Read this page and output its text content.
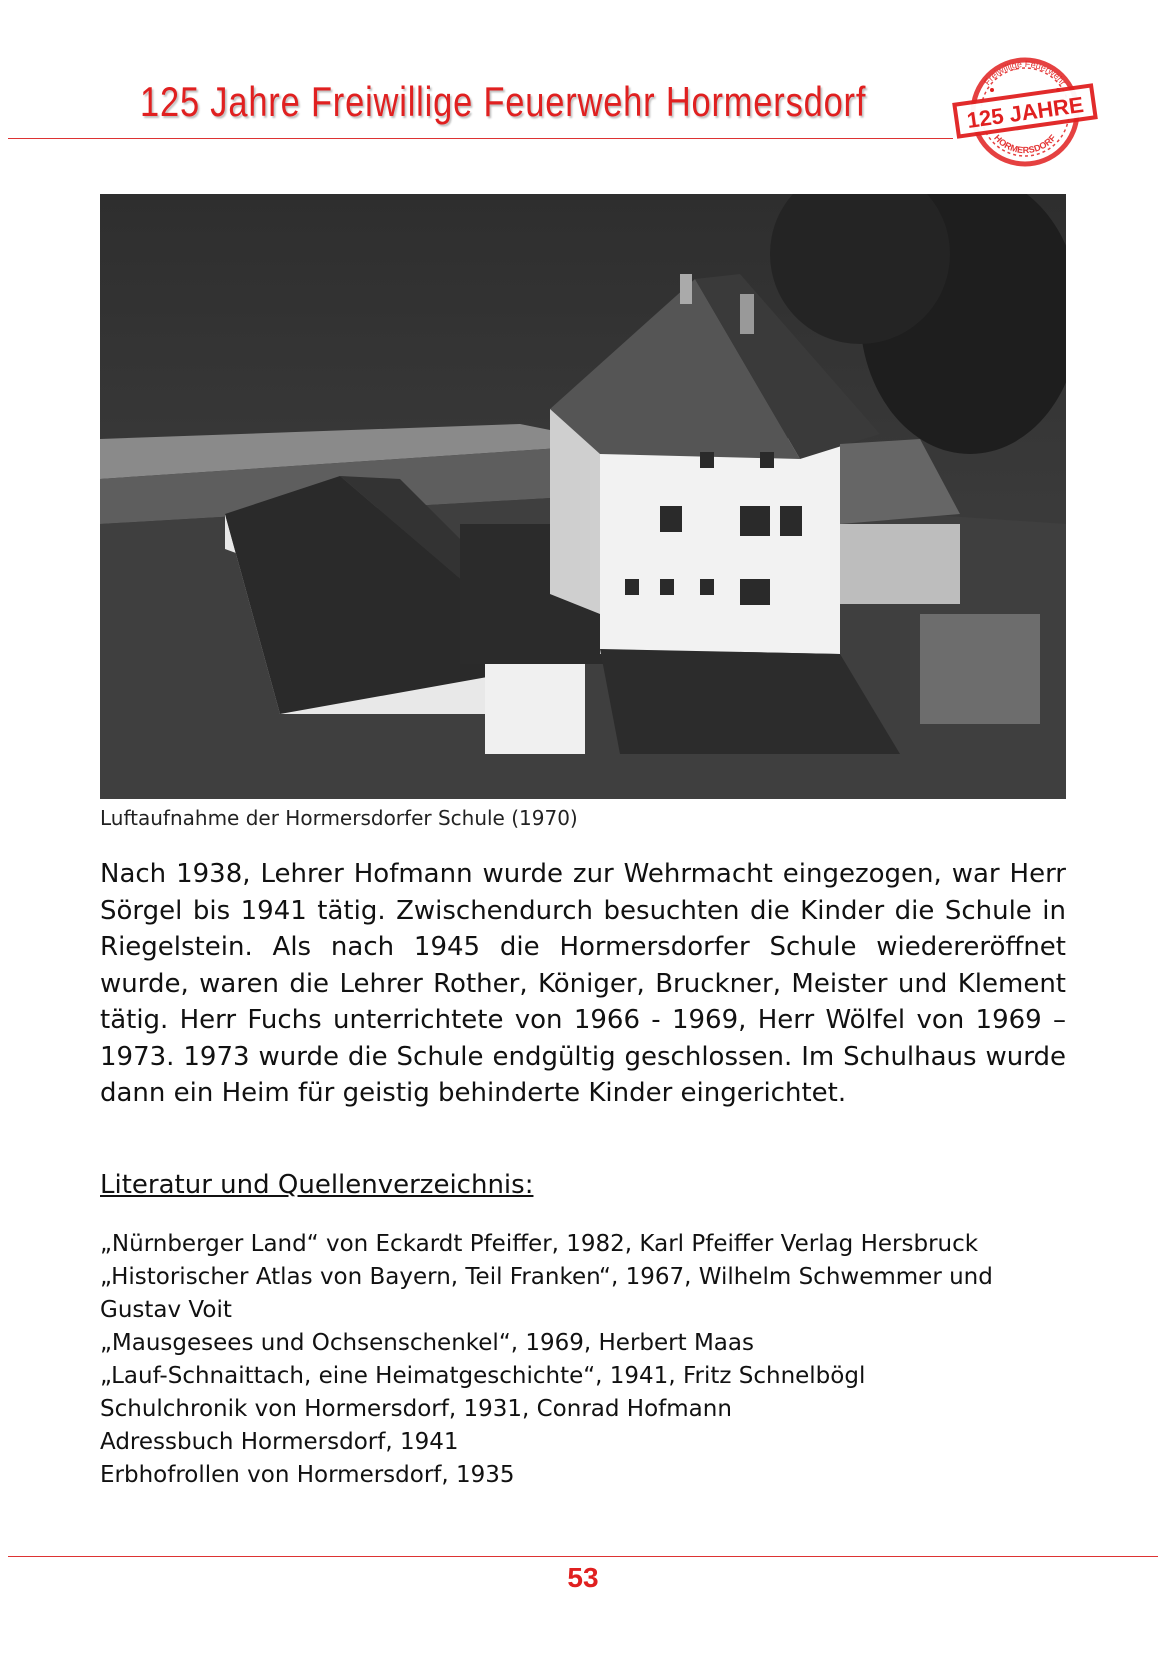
125 Jahre Freiwillige Feuerwehr Hormersdorf	Freiwillige Feuerwehr
125 JAHRE
HORMERSDORF
Luftaufnahme der Hormersdorfer Schule (1970)

Nach 1938, Lehrer Hofmann wurde zur Wehrmacht eingezogen, war Herr Sörgel bis 1941 tätig. Zwischendurch besuchten die Kinder die Schule in Riegelstein. Als nach 1945 die Hormersdorfer Schule wiedereröffnet wurde, waren die Lehrer Rother, Königer, Bruckner, Meister und Klement tätig. Herr Fuchs unterrichtete von 1966 - 1969, Herr Wölfel von 1969 – 1973. 1973 wurde die Schule endgültig geschlossen. Im Schulhaus wurde dann ein Heim für geistig behinderte Kinder eingerichtet.

Literatur und Quellenverzeichnis:
„Nürnberger Land“ von Eckardt Pfeiffer, 1982, Karl Pfeiffer Verlag Hersbruck
„Historischer Atlas von Bayern, Teil Franken“, 1967, Wilhelm Schwemmer und Gustav Voit
„Mausgesees und Ochsenschenkel“, 1969, Herbert Maas
„Lauf-Schnaittach, eine Heimatgeschichte“, 1941, Fritz Schnelbögl
Schulchronik von Hormersdorf, 1931, Conrad Hofmann
Adressbuch Hormersdorf, 1941
Erbhofrollen von Hormersdorf, 1935
53
